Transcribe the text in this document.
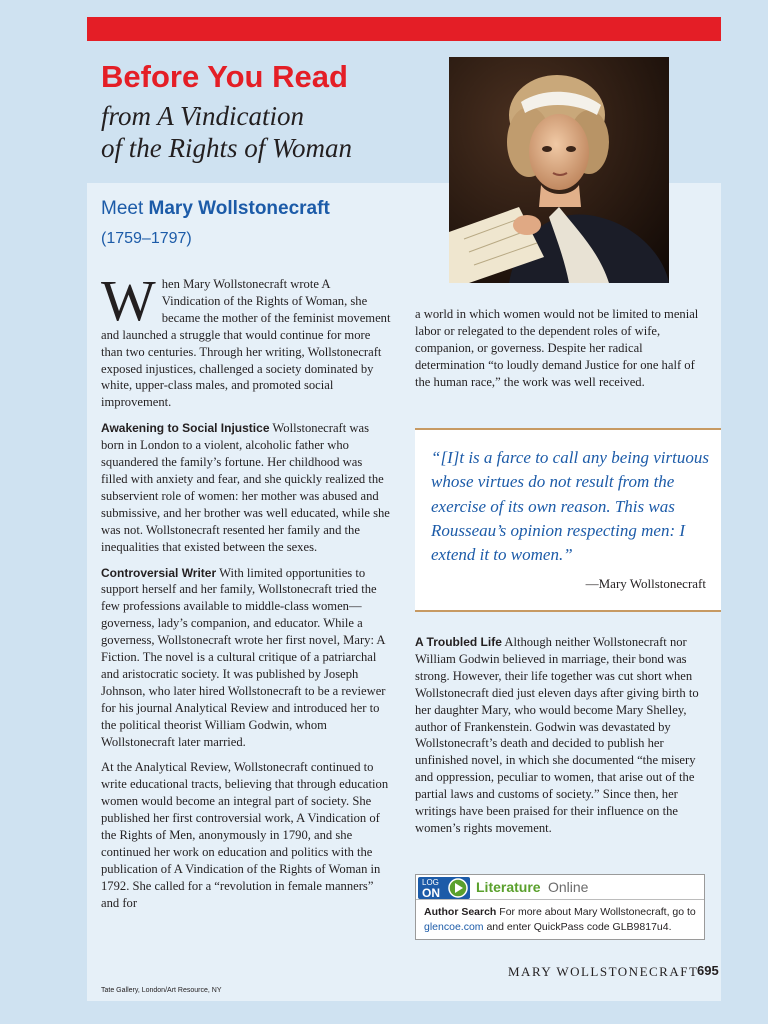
Before You Read
from A Vindication
of the Rights of Woman
Meet Mary Wollstonecraft
(1759–1797)

When Mary Wollstonecraft wrote A Vindication of the Rights of Woman, she became the mother of the feminist movement and launched a struggle that would continue for more than two centuries. Through her writing, Wollstonecraft exposed injustices, challenged a society dominated by white, upper-class males, and promoted social improvement.

Awakening to Social Injustice Wollstonecraft was born in London to a violent, alcoholic father who squandered the family’s fortune. Her childhood was filled with anxiety and fear, and she quickly realized the subservient role of women: her mother was abused and submissive, and her brother was well educated, while she was not. Wollstonecraft resented her family and the inequalities that existed between the sexes.

Controversial Writer With limited opportunities to support herself and her family, Wollstonecraft tried the few professions available to middle-class women—governess, lady’s companion, and educator. While a governess, Wollstonecraft wrote her first novel, Mary: A Fiction. The novel is a cultural critique of a patriarchal and aristocratic society. It was published by Joseph Johnson, who later hired Wollstonecraft to be a reviewer for his journal Analytical Review and introduced her to the political theorist William Godwin, whom Wollstonecraft later married.

At the Analytical Review, Wollstonecraft continued to write educational tracts, believing that through education women would become an integral part of society. She published her first controversial work, A Vindication of the Rights of Men, anonymously in 1790, and she continued her work on education and politics with the publication of A Vindication of the Rights of Woman in 1792. She called for a “revolution in female manners” and for

a world in which women would not be limited to menial labor or relegated to the dependent roles of wife, companion, or governess. Despite her radical determination “to loudly demand Justice for one half of the human race,” the work was well received.
“[I]t is a farce to call any being virtuous whose virtues do not result from the exercise of its own reason. This was Rousseau’s opinion respecting men: I extend it to women.”
—Mary Wollstonecraft

A Troubled Life Although neither Wollstonecraft nor William Godwin believed in marriage, their bond was strong. However, their life together was cut short when Wollstonecraft died just eleven days after giving birth to her daughter Mary, who would become Mary Shelley, author of Frankenstein. Godwin was devastated by Wollstonecraft’s death and decided to publish her unfinished novel, in which she documented “the misery and oppression, peculiar to women, that arise out of the partial laws and customs of society.” Since then, her writings have been praised for their influence on the women’s rights movement.

LOG
ON	Literature Online
Author Search For more about Mary Wollstonecraft, go to glencoe.com and enter QuickPass code GLB9817u4.
MARY WOLLSTONECRAFT
695
Tate Gallery, London/Art Resource, NY
